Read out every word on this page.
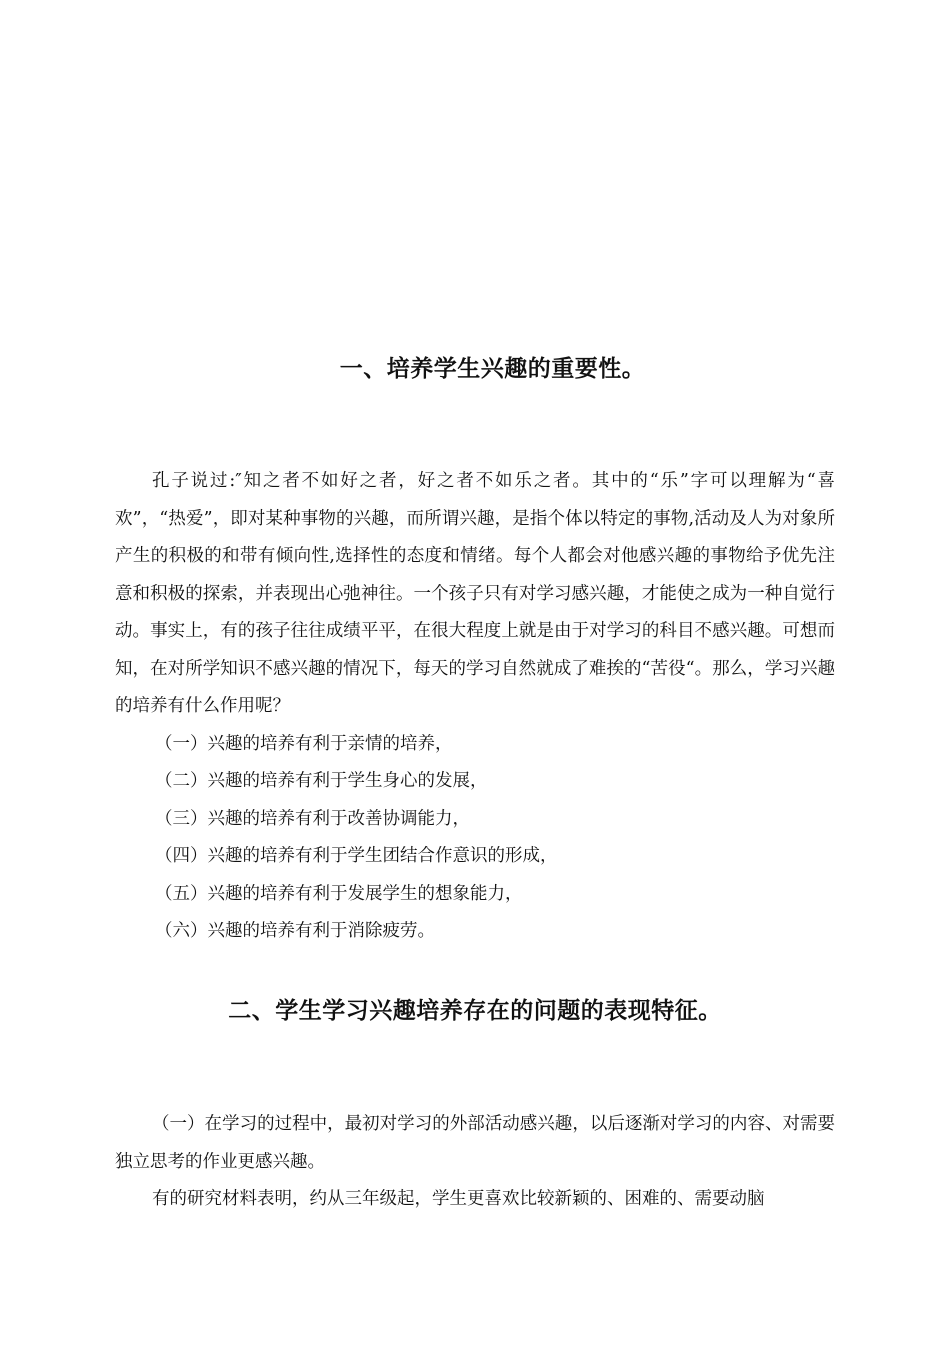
一、培养学生兴趣的重要性。

孔子说过:″知之者不如好之者，好之者不如乐之者。其中的“乐”字可以理解为“喜欢”，“热爱”，即对某种事物的兴趣，而所谓兴趣，是指个体以特定的事物,活动及人为对象所产生的积极的和带有倾向性,选择性的态度和情绪。每个人都会对他感兴趣的事物给予优先注意和积极的探索，并表现出心弛神往。一个孩子只有对学习感兴趣，才能使之成为一种自觉行动。事实上，有的孩子往往成绩平平，在很大程度上就是由于对学习的科目不感兴趣。可想而知，在对所学知识不感兴趣的情况下，每天的学习自然就成了难挨的“苦役“。那么，学习兴趣的培养有什么作用呢？

（一）兴趣的培养有利于亲情的培养，
（二）兴趣的培养有利于学生身心的发展，
（三）兴趣的培养有利于改善协调能力，
（四）兴趣的培养有利于学生团结合作意识的形成，
（五）兴趣的培养有利于发展学生的想象能力，
（六）兴趣的培养有利于消除疲劳。
二、学生学习兴趣培养存在的问题的表现特征。

（一）在学习的过程中，最初对学习的外部活动感兴趣，以后逐渐对学习的内容、对需要独立思考的作业更感兴趣。

有的研究材料表明，约从三年级起，学生更喜欢比较新颖的、困难的、需要动脑
